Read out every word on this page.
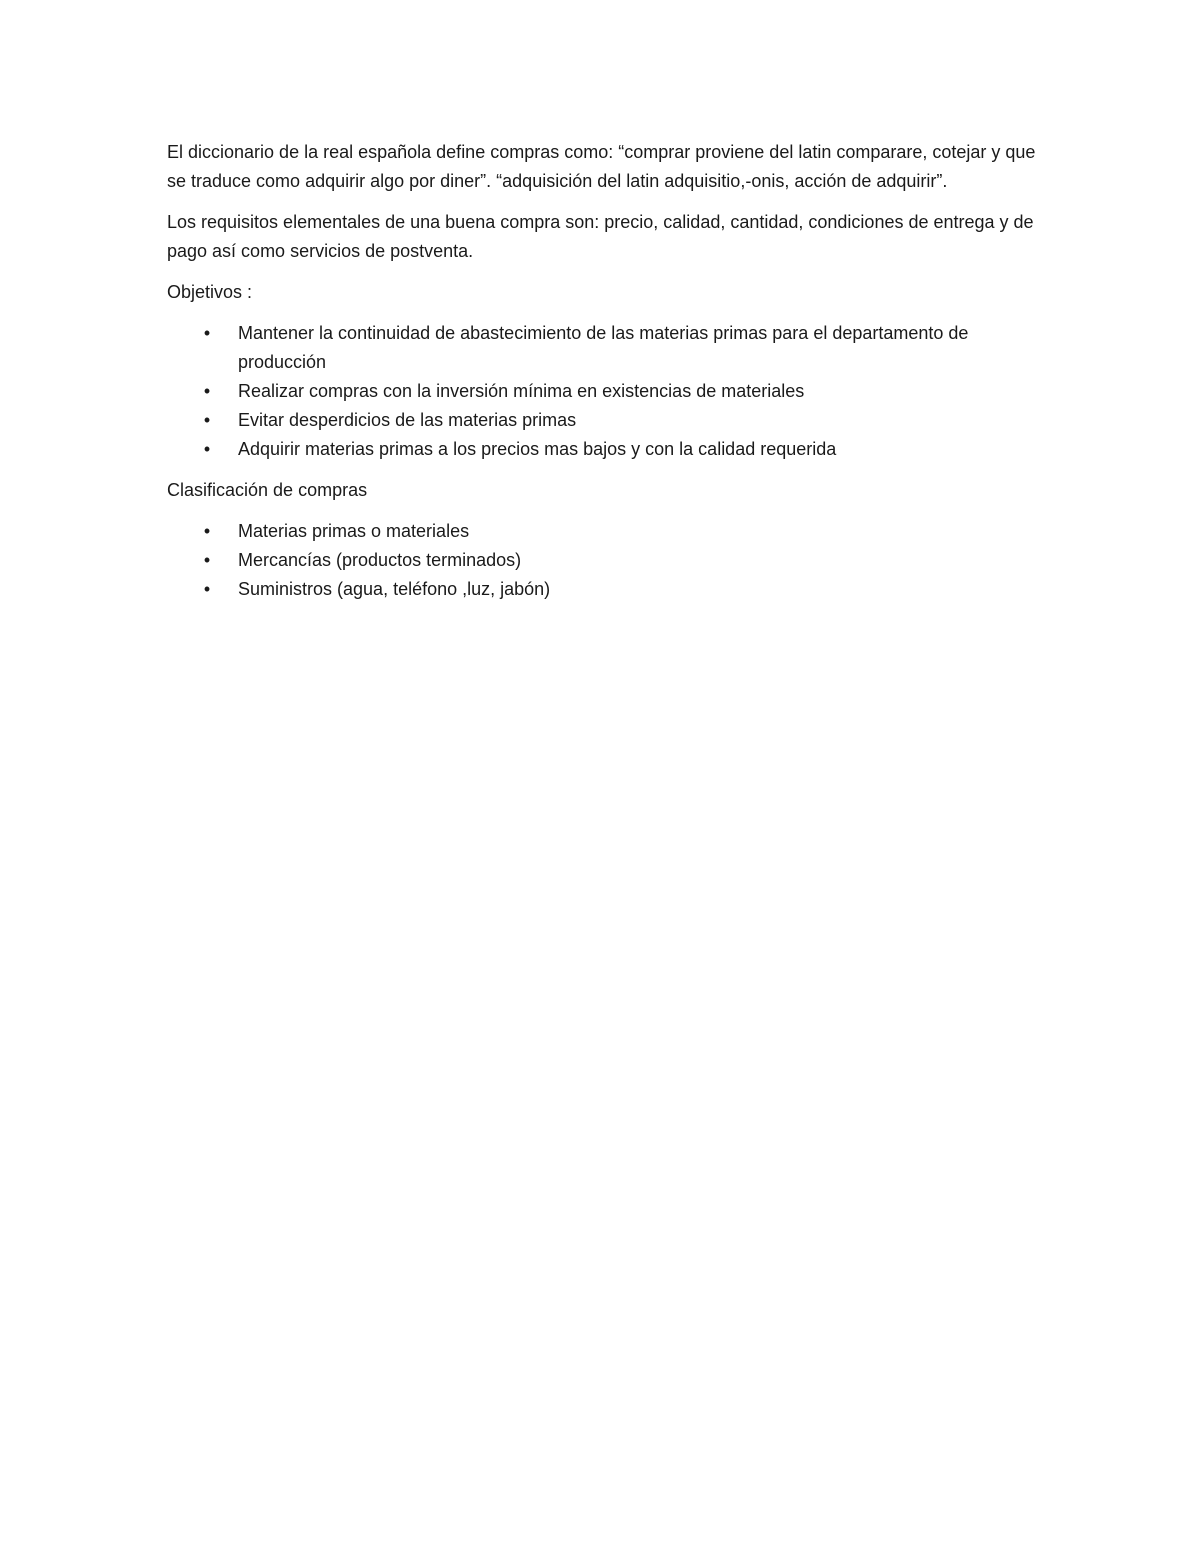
El diccionario de la real española define compras como: “comprar proviene del latin comparare, cotejar y que se traduce como adquirir algo por diner”. “adquisición del latin adquisitio,-onis, acción de adquirir”.

Los requisitos elementales de una buena compra son: precio, calidad, cantidad, condiciones de entrega y de pago así como servicios de postventa.

Objetivos :

• Mantener la continuidad de abastecimiento de las materias primas para el departamento de producción
• Realizar compras con la inversión mínima en existencias de materiales
• Evitar desperdicios de las materias primas
• Adquirir materias primas a los precios mas bajos y con la calidad requerida

Clasificación de compras

• Materias primas o materiales
• Mercancías (productos terminados)
• Suministros (agua, teléfono ,luz, jabón)
